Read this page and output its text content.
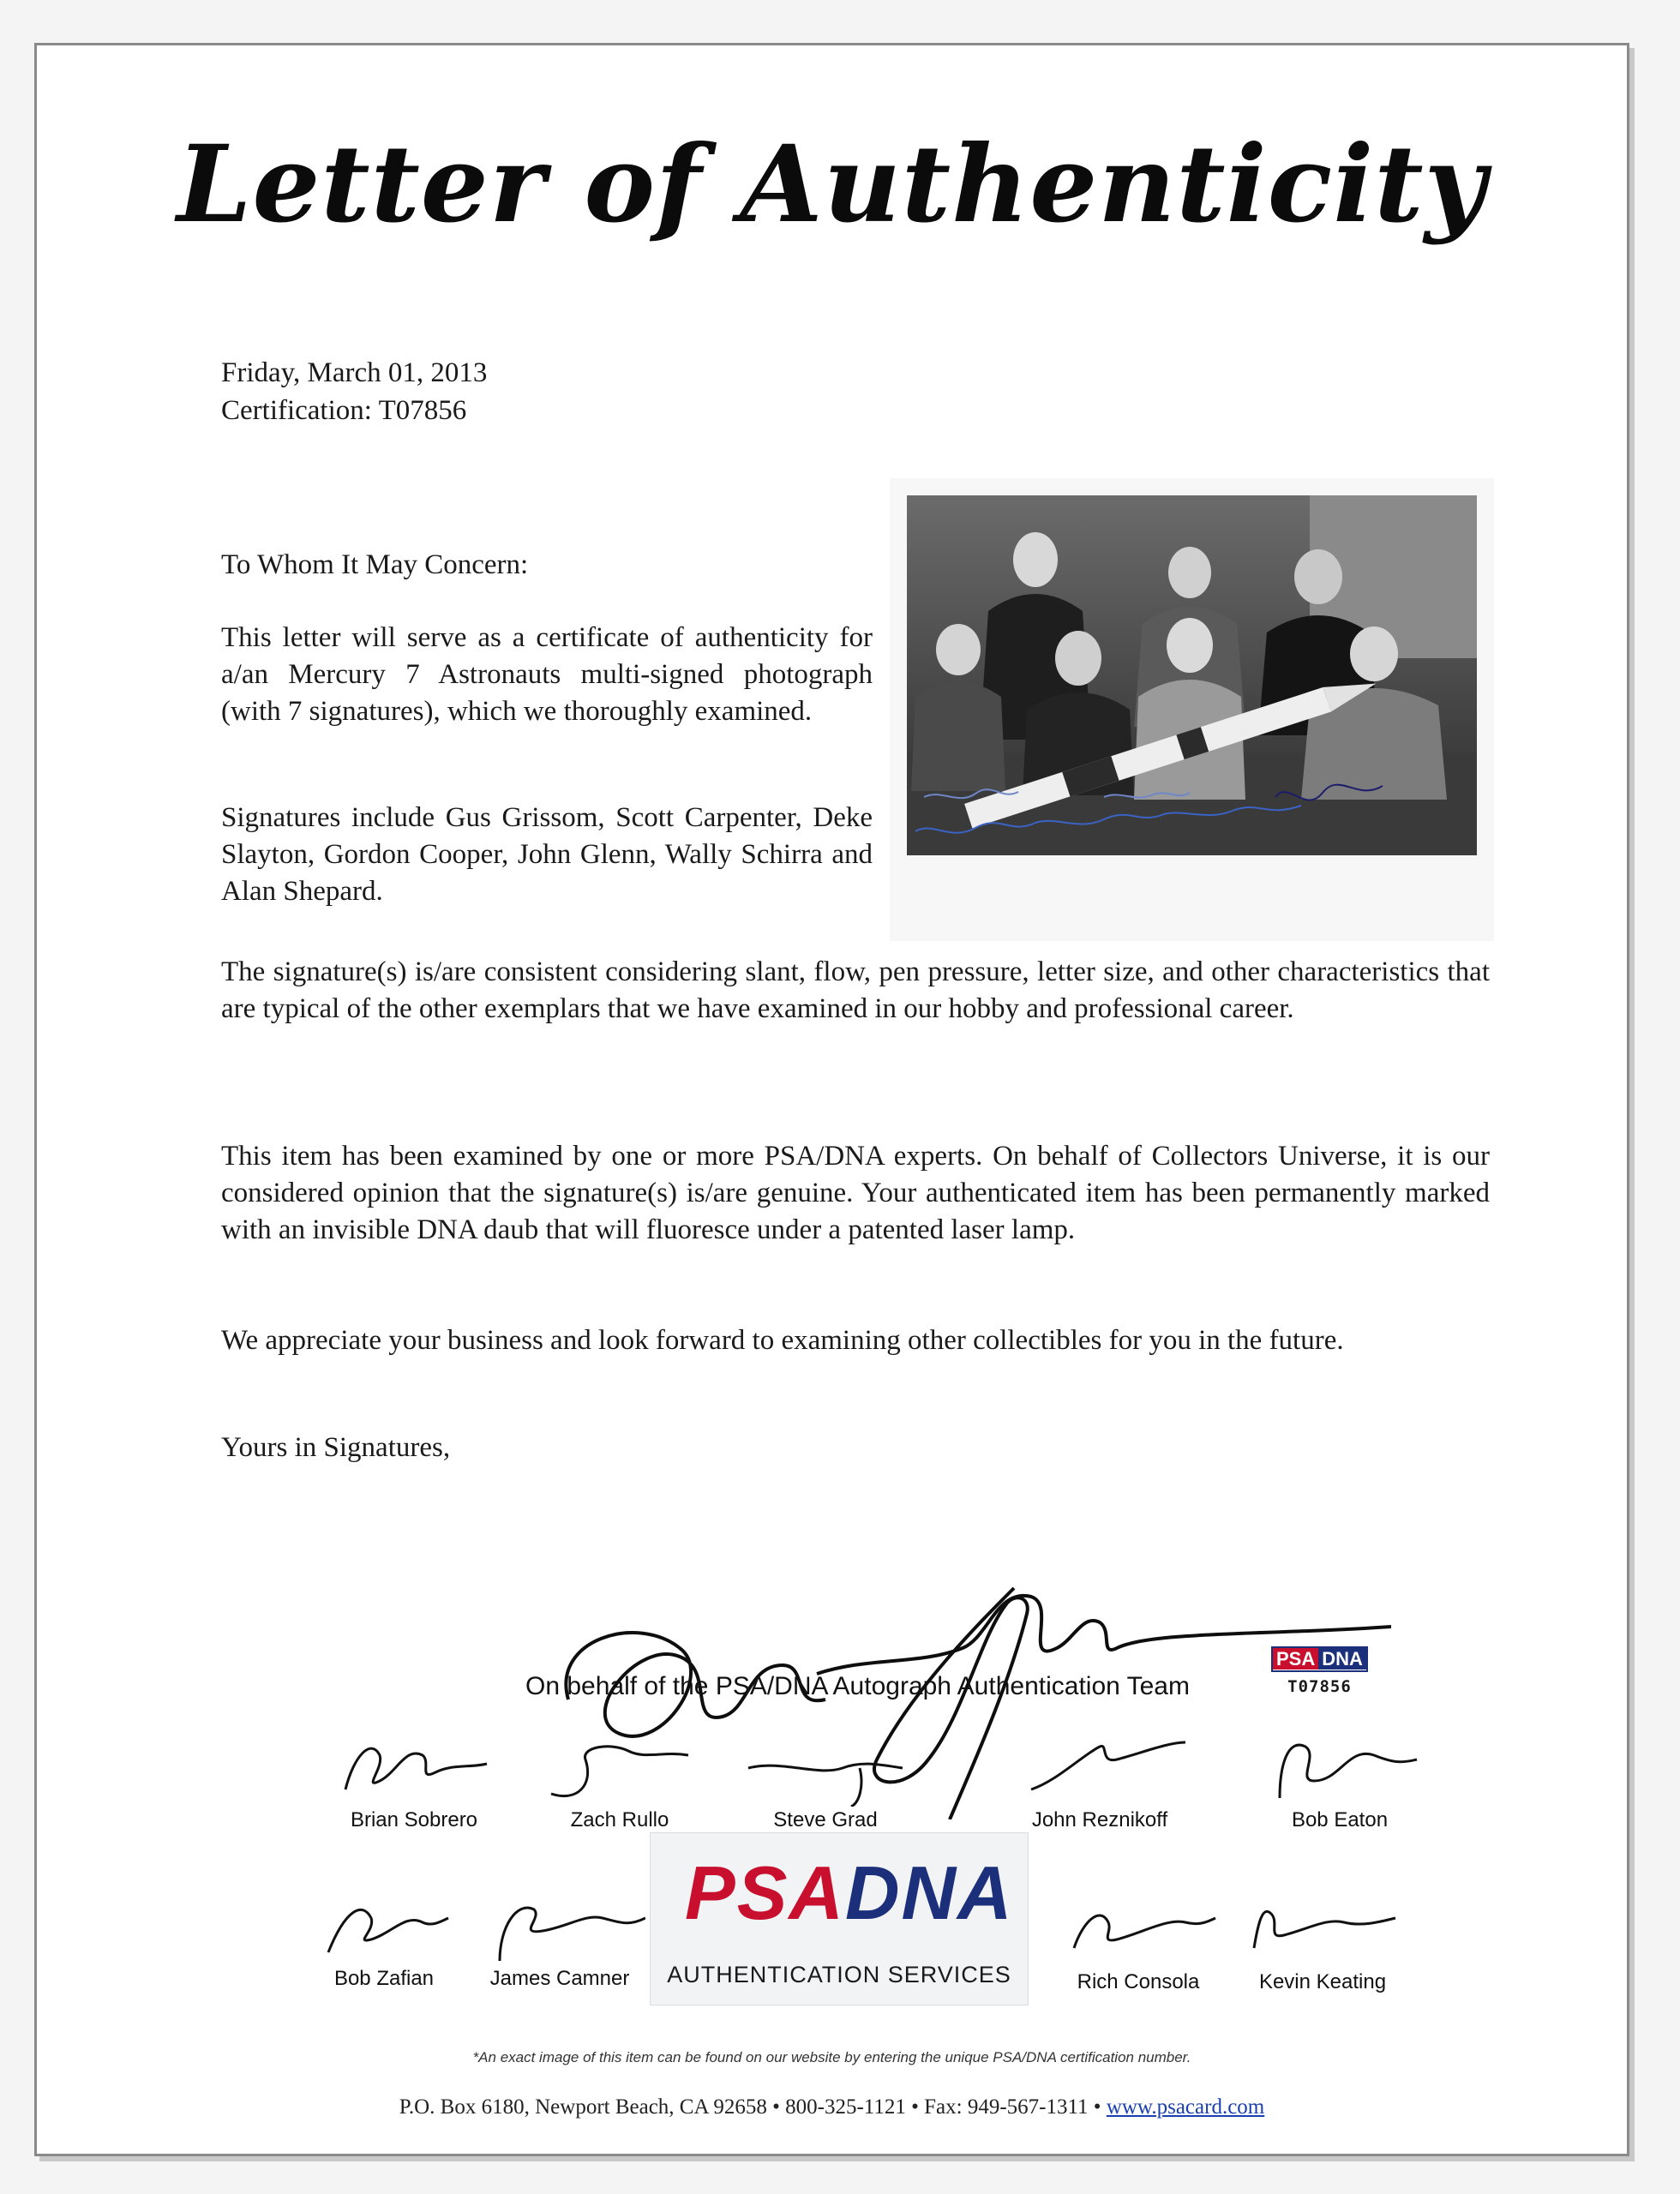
Letter of Authenticity
Friday, March 01, 2013
Certification: T07856
To Whom It May Concern:
This letter will serve as a certificate of authenticity for a/an Mercury 7 Astronauts multi-signed photograph (with 7 signatures), which we thoroughly examined.
Signatures include Gus Grissom, Scott Carpenter, Deke Slayton, Gordon Cooper, John Glenn, Wally Schirra and Alan Shepard.
The signature(s) is/are consistent considering slant, flow, pen pressure, letter size, and other characteristics that are typical of the other exemplars that we have examined in our hobby and professional career.
This item has been examined by one or more PSA/DNA experts. On behalf of Collectors Universe, it is our considered opinion that the signature(s) is/are genuine. Your authenticated item has been permanently marked with an invisible DNA daub that will fluoresce under a patented laser lamp.
We appreciate your business and look forward to examining other collectibles for you in the future.
Yours in Signatures,
On behalf of the PSA/DNA Autograph Authentication Team
PSA DNA
T07856
Brian Sobrero	Zach Rullo	Steve Grad	John Reznikoff	Bob Eaton
Bob Zafian	James Camner	Rich Consola	Kevin Keating
PSADNA
AUTHENTICATION SERVICES
*An exact image of this item can be found on our website by entering the unique PSA/DNA certification number.
P.O. Box 6180, Newport Beach, CA 92658 • 800-325-1121 • Fax: 949-567-1311 • www.psacard.com
